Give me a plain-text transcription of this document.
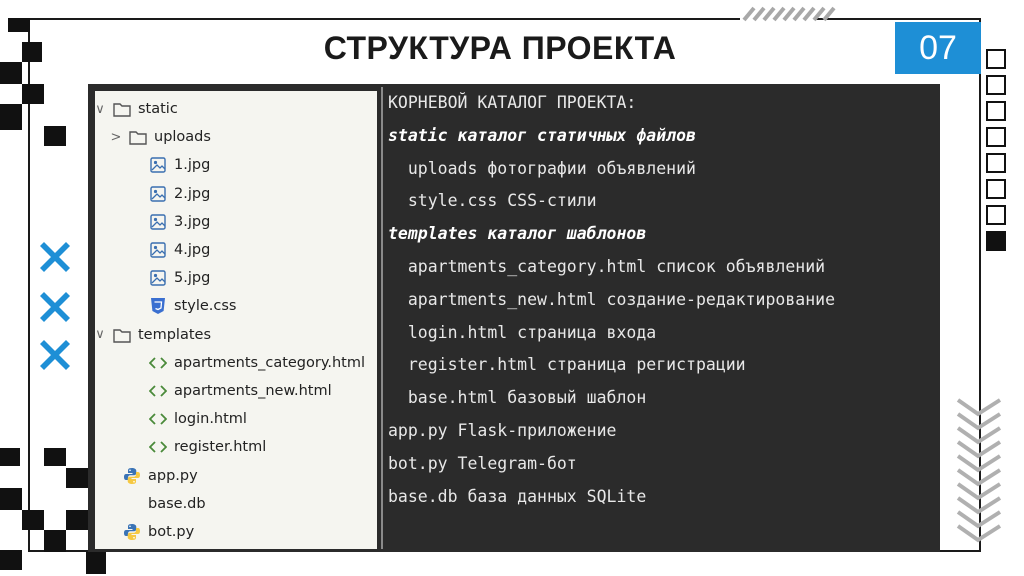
СТРУКТУРА ПРОЕКТА	07
∨ static
> uploads
1.jpg
2.jpg
3.jpg
4.jpg
5.jpg
style.css
∨ templates
apartments_category.html
apartments_new.html
login.html
register.html
app.py
base.db
bot.py
КОРНЕВОЙ КАТАЛОГ ПРОЕКТА:
static каталог статичных файлов
uploads фотографии объявлений
style.css CSS-стили
templates каталог шаблонов
apartments_category.html список объявлений
apartments_new.html создание-редактирование
login.html страница входа
register.html страница регистрации
base.html базовый шаблон
app.py Flask-приложение
bot.py Telegram-бот
base.db база данных SQLite
